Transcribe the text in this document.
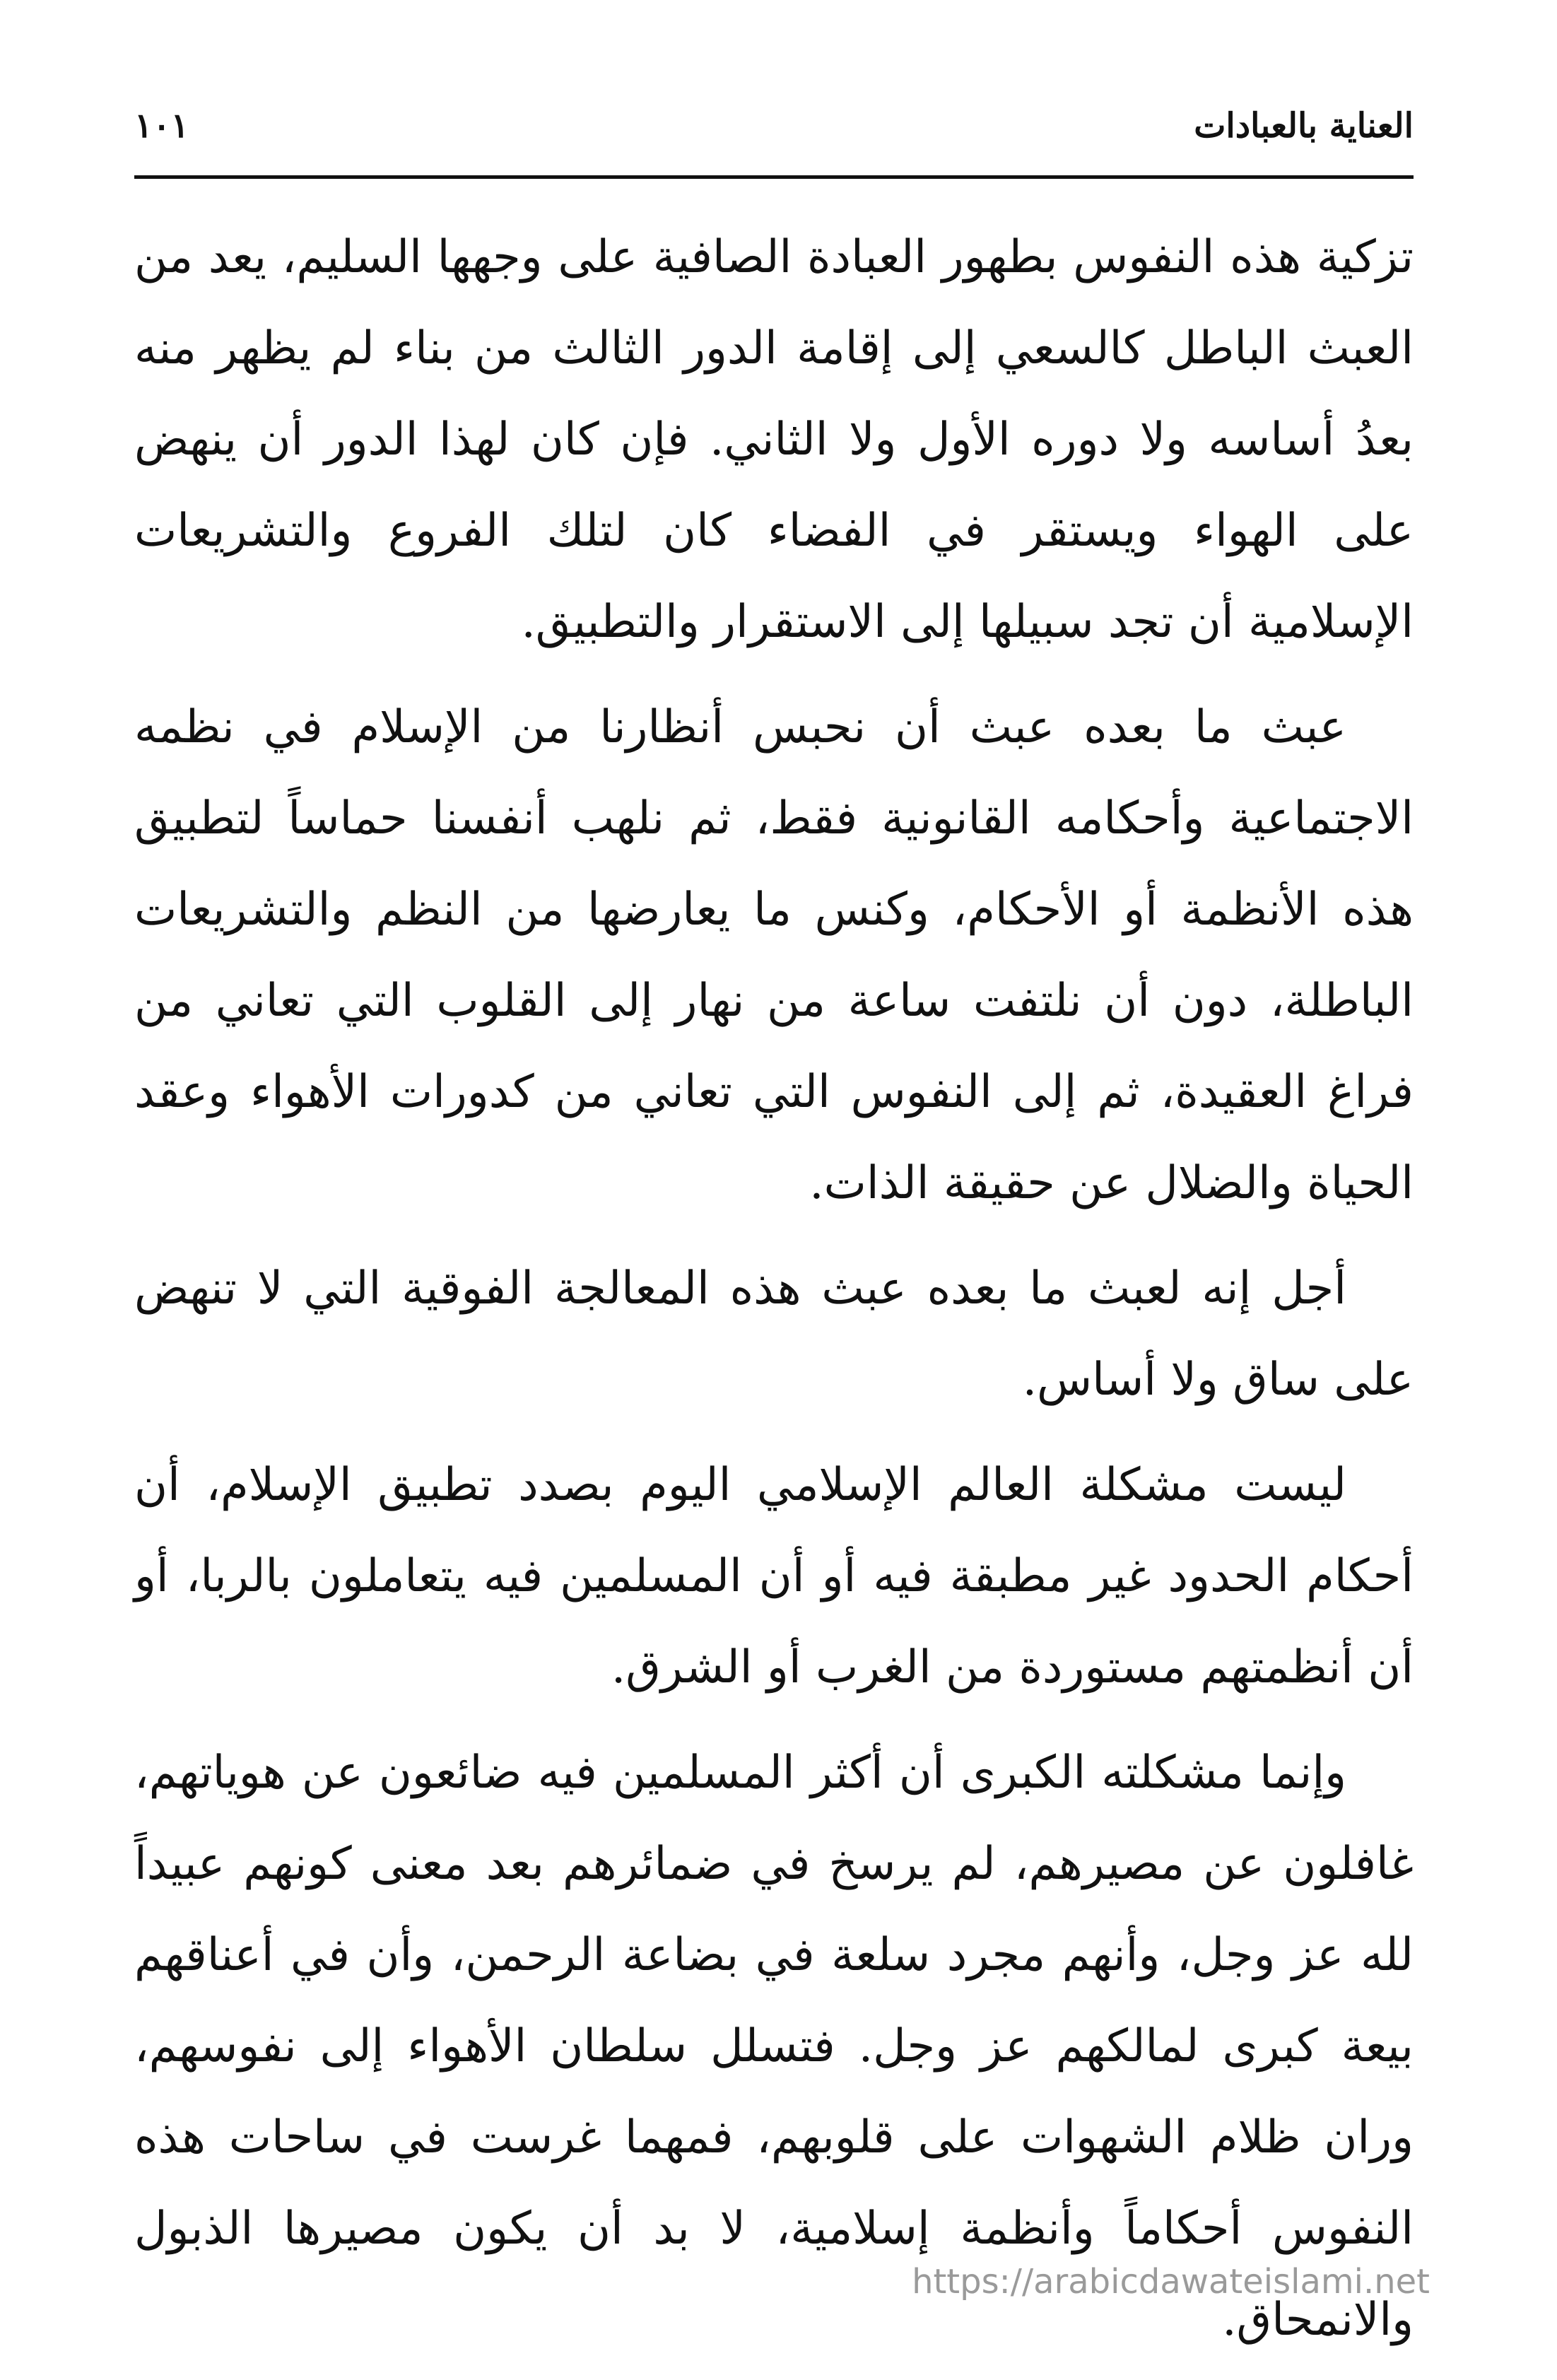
العناية بالعبادات
١٠١

تزكية هذه النفوس بطهور العبادة الصافية على وجهها السليم، يعد من العبث الباطل كالسعي إلى إقامة الدور الثالث من بناء لم يظهر منه بعدُ أساسه ولا دوره الأول ولا الثاني. فإن كان لهذا الدور أن ينهض على الهواء ويستقر في الفضاء كان لتلك الفروع والتشريعات الإسلامية أن تجد سبيلها إلى الاستقرار والتطبيق.

عبث ما بعده عبث أن نحبس أنظارنا من الإسلام في نظمه الاجتماعية وأحكامه القانونية فقط، ثم نلهب أنفسنا حماساً لتطبيق هذه الأنظمة أو الأحكام، وكنس ما يعارضها من النظم والتشريعات الباطلة، دون أن نلتفت ساعة من نهار إلى القلوب التي تعاني من فراغ العقيدة، ثم إلى النفوس التي تعاني من كدورات الأهواء وعقد الحياة والضلال عن حقيقة الذات.

أجل إنه لعبث ما بعده عبث هذه المعالجة الفوقية التي لا تنهض على ساق ولا أساس.

ليست مشكلة العالم الإسلامي اليوم بصدد تطبيق الإسلام، أن أحكام الحدود غير مطبقة فيه أو أن المسلمين فيه يتعاملون بالربا، أو أن أنظمتهم مستوردة من الغرب أو الشرق.

وإنما مشكلته الكبرى أن أكثر المسلمين فيه ضائعون عن هوياتهم، غافلون عن مصيرهم، لم يرسخ في ضمائرهم بعد معنى كونهم عبيداً لله عز وجل، وأنهم مجرد سلعة في بضاعة الرحمن، وأن في أعناقهم بيعة كبرى لمالكهم عز وجل. فتسلل سلطان الأهواء إلى نفوسهم، وران ظلام الشهوات على قلوبهم، فمهما غرست في ساحات هذه النفوس أحكاماً وأنظمة إسلامية، لا بد أن يكون مصيرها الذبول والانمحاق.

https://arabicdawateislami.net
